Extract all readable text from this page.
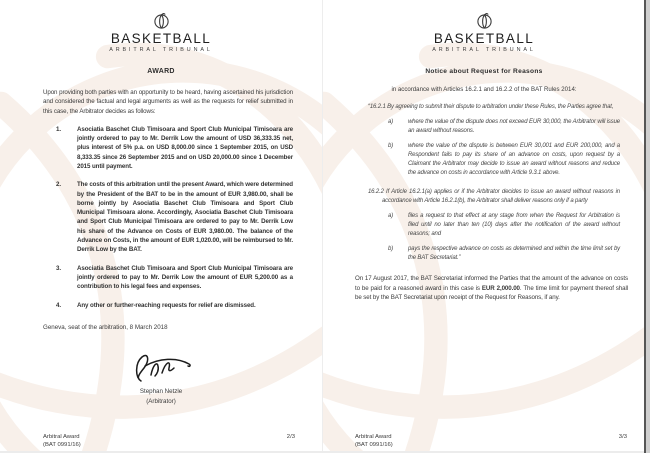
BASKETBALL
ARBITRAL TRIBUNAL
AWARD

Upon providing both parties with an opportunity to be heard, having ascertained his jurisdiction and considered the factual and legal arguments as well as the requests for relief submitted in this case, the Arbitrator decides as follows:

1.	Asociatia Baschet Club Timisoara and Sport Club Municipal Timisoara are jointly ordered to pay to Mr. Derrik Low the amount of USD 36,333.35 net, plus interest of 5% p.a. on USD 8,000.00 since 1 September 2015, on USD 8,333.35 since 26 September 2015 and on USD 20,000.00 since 1 December 2015 until payment.
2.	The costs of this arbitration until the present Award, which were determined by the President of the BAT to be in the amount of EUR 3,980.00, shall be borne jointly by Asociatia Baschet Club Timisoara and Sport Club Municipal Timisoara alone. Accordingly, Asociatia Baschet Club Timisoara and Sport Club Municipal Timisoara are ordered to pay to Mr. Derrik Low his share of the Advance on Costs of EUR 3,980.00. The balance of the Advance on Costs, in the amount of EUR 1,020.00, will be reimbursed to Mr. Derrik Low by the BAT.
3.	Asociatia Baschet Club Timisoara and Sport Club Municipal Timisoara are jointly ordered to pay to Mr. Derrik Low the amount of EUR 5,200.00 as a contribution to his legal fees and expenses.
4.	Any other or further-reaching requests for relief are dismissed.

Geneva, seat of the arbitration, 8 March 2018

Stephan Netzle
(Arbitrator)
Arbitral Award
(BAT 0991/16)
2/3
BASKETBALL
ARBITRAL TRIBUNAL
Notice about Request for Reasons
in accordance with Articles 16.2.1 and 16.2.2 of the BAT Rules 2014:

“16.2.1 By agreeing to submit their dispute to arbitration under these Rules, the Parties agree that,

a)	where the value of the dispute does not exceed EUR 30,000, the Arbitrator will issue an award without reasons.
b)	where the value of the dispute is between EUR 30,001 and EUR 200,000, and a Respondent fails to pay its share of an advance on costs, upon request by a Claimant the Arbitrator may decide to issue an award without reasons and reduce the advance on costs in accordance with Article 9.3.1 above.

16.2.2 If Article 16.2.1(a) applies or if the Arbitrator decides to issue an award without reasons in accordance with Article 16.2.1(b), the Arbitrator shall deliver reasons only if a party

a)	files a request to that effect at any stage from when the Request for Arbitration is filed until no later than ten (10) days after the notification of the award without reasons; and
b)	pays the respective advance on costs as determined and within the time limit set by the BAT Secretariat.”

On 17 August 2017, the BAT Secretariat informed the Parties that the amount of the advance on costs to be paid for a reasoned award in this case is EUR 2,000.00. The time limit for payment thereof shall be set by the BAT Secretariat upon receipt of the Request for Reasons, if any.

Arbitral Award
(BAT 0991/16)
3/3
